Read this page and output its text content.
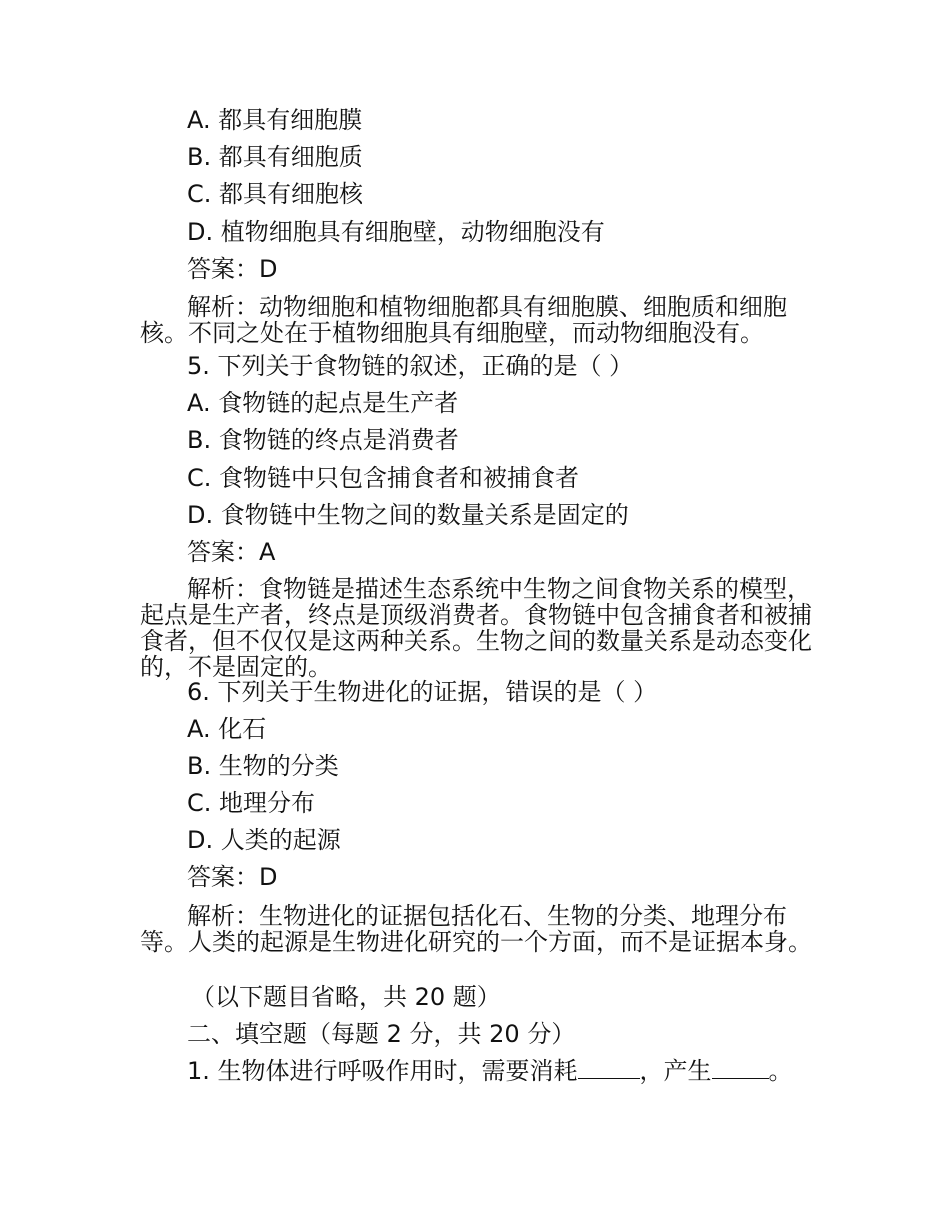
A. 都具有细胞膜
B. 都具有细胞质
C. 都具有细胞核
D. 植物细胞具有细胞壁，动物细胞没有
答案：D
解析：动物细胞和植物细胞都具有细胞膜、细胞质和细胞核。不同之处在于植物细胞具有细胞壁，而动物细胞没有。
5. 下列关于食物链的叙述，正确的是（ ）
A. 食物链的起点是生产者
B. 食物链的终点是消费者
C. 食物链中只包含捕食者和被捕食者
D. 食物链中生物之间的数量关系是固定的
答案：A
解析：食物链是描述生态系统中生物之间食物关系的模型，起点是生产者，终点是顶级消费者。食物链中包含捕食者和被捕食者，但不仅仅是这两种关系。生物之间的数量关系是动态变化的，不是固定的。
6. 下列关于生物进化的证据，错误的是（ ）
A. 化石
B. 生物的分类
C. 地理分布
D. 人类的起源
答案：D
解析：生物进化的证据包括化石、生物的分类、地理分布等。人类的起源是生物进化研究的一个方面，而不是证据本身。
（以下题目省略，共 20 题）
二、填空题（每题 2 分，共 20 分）
1. 生物体进行呼吸作用时，需要消耗	，产生 。
